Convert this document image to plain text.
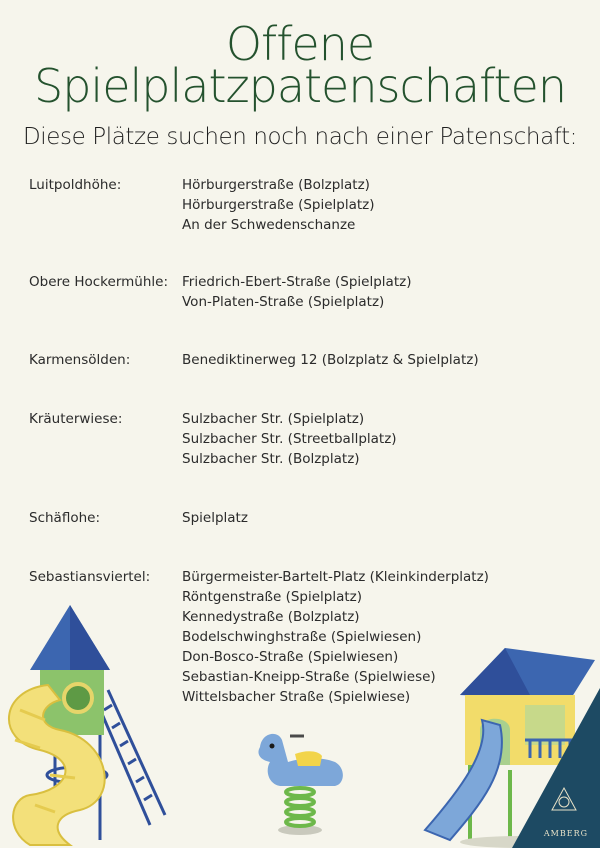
Offene
Spielplatzpatenschaften
Diese Plätze suchen noch nach einer Patenschaft:
Luitpoldhöhe:	Hörburgerstraße (Bolzplatz)
Hörburgerstraße (Spielplatz)
An der Schwedenschanze
Obere Hockermühle:	Friedrich-Ebert-Straße (Spielplatz)
Von-Platen-Straße (Spielplatz)
Karmensölden:	Benediktinerweg 12 (Bolzplatz & Spielplatz)
Kräuterwiese:	Sulzbacher Str. (Spielplatz)
Sulzbacher Str. (Streetballplatz)
Sulzbacher Str. (Bolzplatz)
Schäflohe:	Spielplatz
Sebastiansviertel:	Bürgermeister-Bartelt-Platz (Kleinkinderplatz)
Röntgenstraße (Spielplatz)
Kennedystraße (Bolzplatz)
Bodelschwinghstraße (Spielwiesen)
Don-Bosco-Straße (Spielwiesen)
Sebastian-Kneipp-Straße (Spielwiese)
Wittelsbacher Straße (Spielwiese)
AMBERG
